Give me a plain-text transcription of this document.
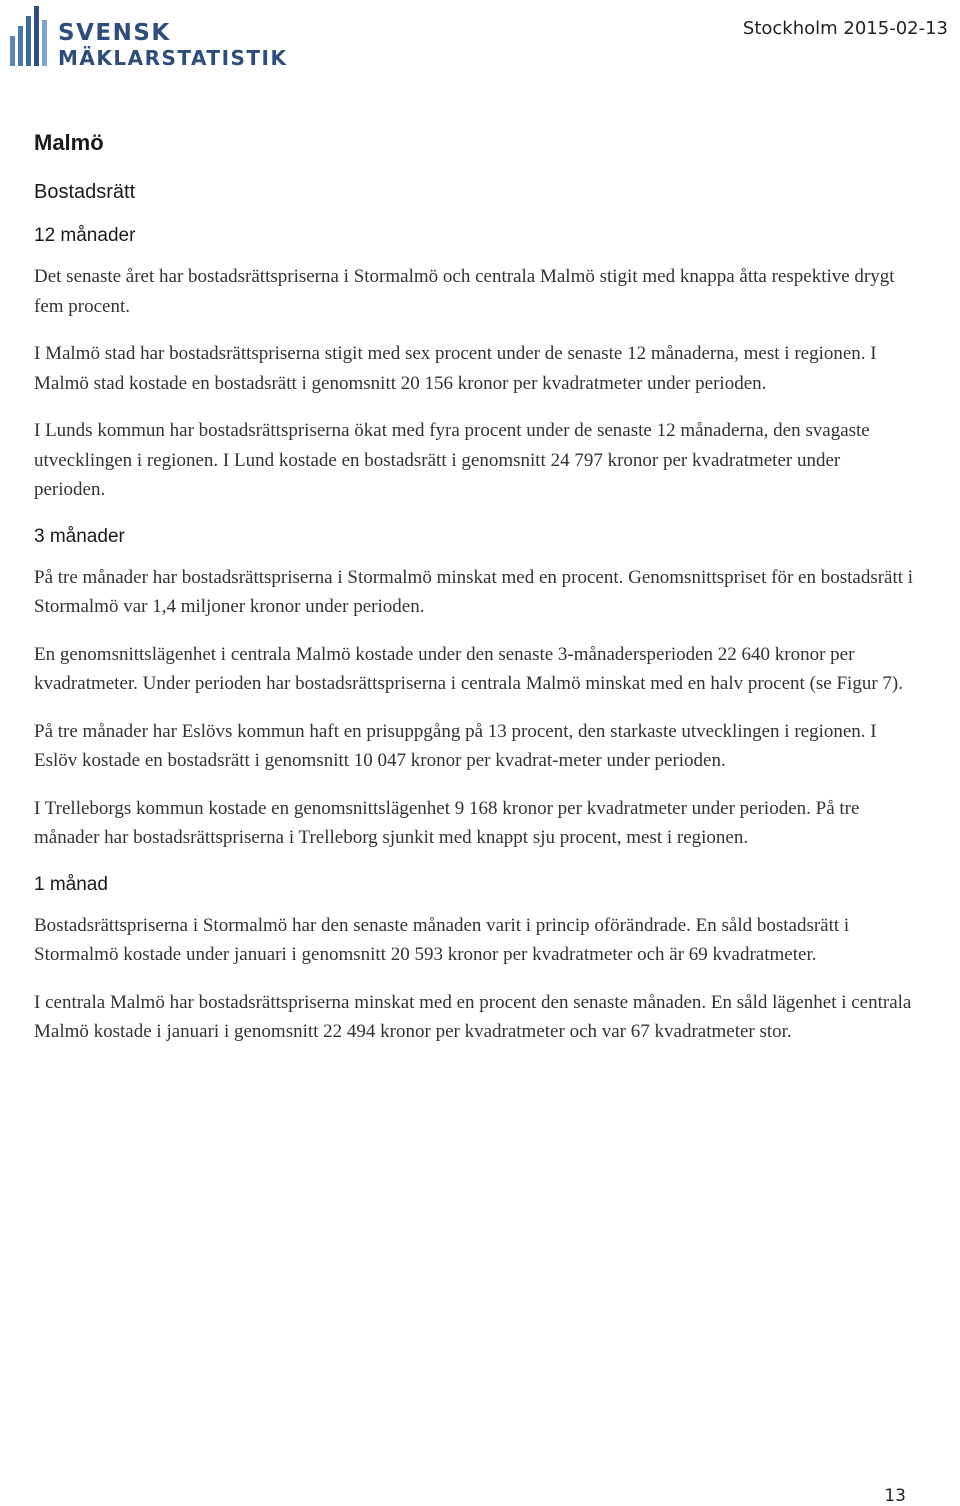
SVENSK
MÄKLARSTATISTIK
Stockholm 2015-02-13
Malmö
Bostadsrätt
12 månader

Det senaste året har bostadsrättspriserna i Stormalmö och centrala Malmö stigit med knappa åtta respektive drygt fem procent.

I Malmö stad har bostadsrättspriserna stigit med sex procent under de senaste 12 månaderna, mest i regionen. I Malmö stad kostade en bostadsrätt i genomsnitt 20 156 kronor per kvadratmeter under perioden.

I Lunds kommun har bostadsrättspriserna ökat med fyra procent under de senaste 12 månaderna, den svagaste utvecklingen i regionen. I Lund kostade en bostadsrätt i genomsnitt 24 797 kronor per kvadratmeter under perioden.

3 månader

På tre månader har bostadsrättspriserna i Stormalmö minskat med en procent. Genomsnittspriset för en bostadsrätt i Stormalmö var 1,4 miljoner kronor under perioden.

En genomsnittslägenhet i centrala Malmö kostade under den senaste 3-månadersperioden 22 640 kronor per kvadratmeter. Under perioden har bostadsrättspriserna i centrala Malmö minskat med en halv procent (se Figur 7).

På tre månader har Eslövs kommun haft en prisuppgång på 13 procent, den starkaste utvecklingen i regionen. I Eslöv kostade en bostadsrätt i genomsnitt 10 047 kronor per kvadrat-meter under perioden.

I Trelleborgs kommun kostade en genomsnittslägenhet 9 168 kronor per kvadratmeter under perioden. På tre månader har bostadsrättspriserna i Trelleborg sjunkit med knappt sju procent, mest i regionen.

1 månad

Bostadsrättspriserna i Stormalmö har den senaste månaden varit i princip oförändrade. En såld bostadsrätt i Stormalmö kostade under januari i genomsnitt 20 593 kronor per kvadratmeter och är 69 kvadratmeter.

I centrala Malmö har bostadsrättspriserna minskat med en procent den senaste månaden. En såld lägenhet i centrala Malmö kostade i januari i genomsnitt 22 494 kronor per kvadratmeter och var 67 kvadratmeter stor.

13
